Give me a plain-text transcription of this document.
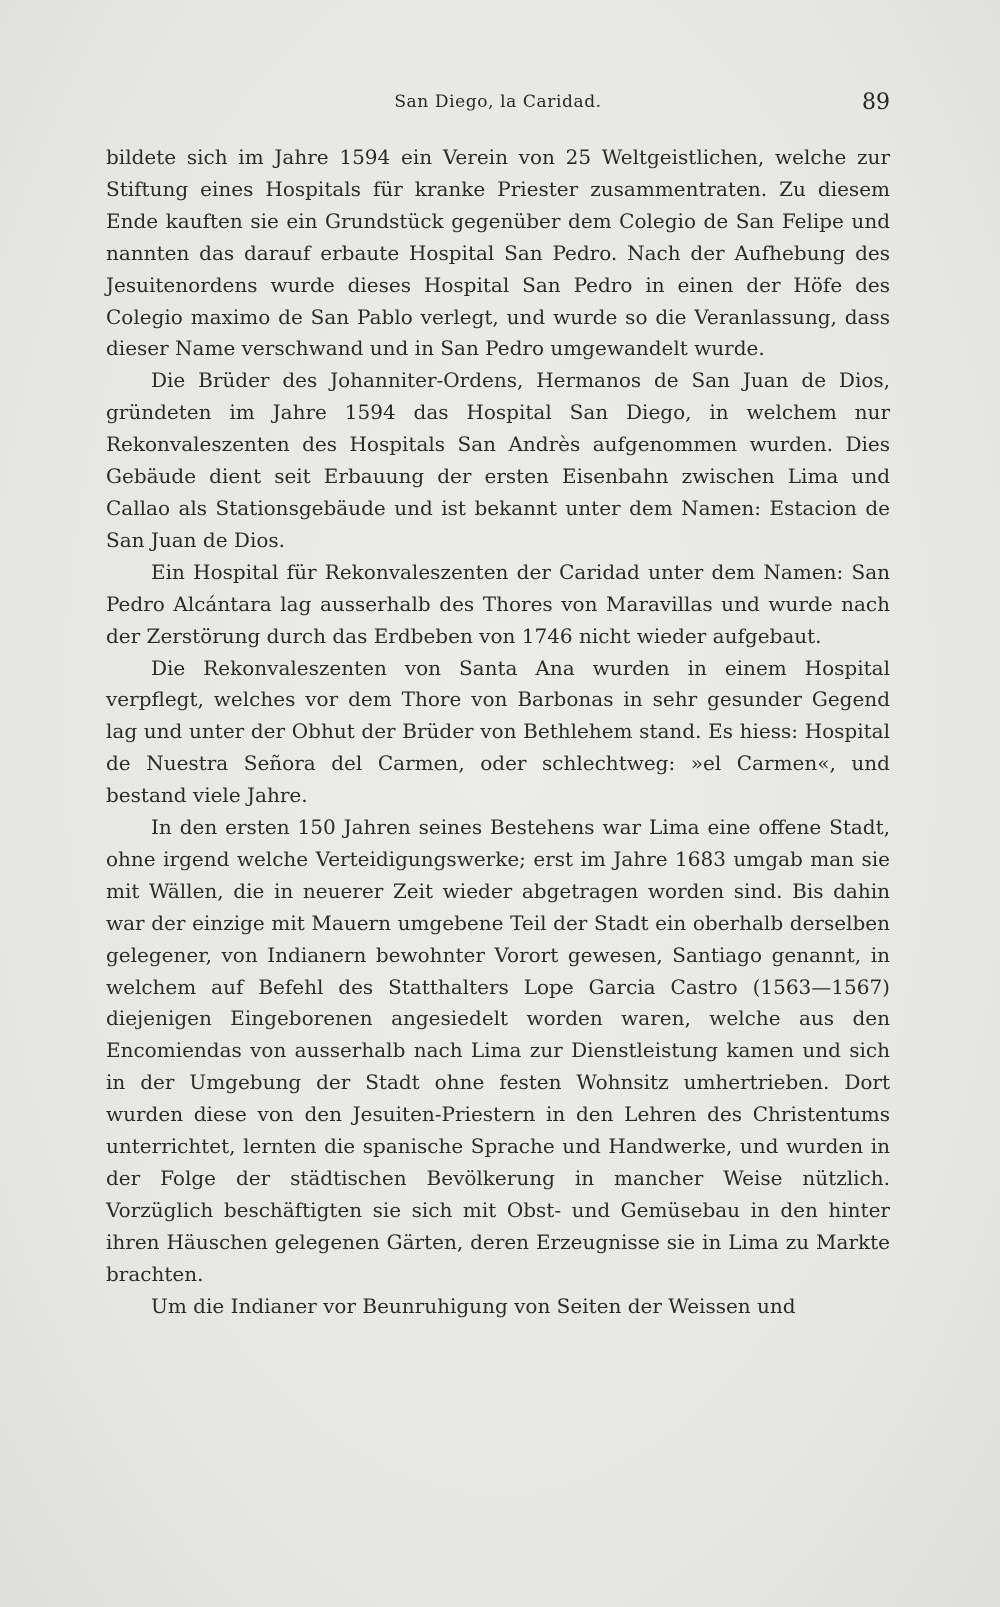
San Diego, la Caridad.	89

bildete sich im Jahre 1594 ein Verein von 25 Weltgeistlichen, welche zur Stiftung eines Hospitals für kranke Priester zusammentraten. Zu diesem Ende kauften sie ein Grundstück gegenüber dem Colegio de San Felipe und nannten das darauf erbaute Hospital San Pedro. Nach der Aufhebung des Jesuitenordens wurde dieses Hospital San Pedro in einen der Höfe des Colegio maximo de San Pablo verlegt, und wurde so die Veranlassung, dass dieser Name verschwand und in San Pedro umgewandelt wurde.

Die Brüder des Johanniter-Ordens, Hermanos de San Juan de Dios, gründeten im Jahre 1594 das Hospital San Diego, in welchem nur Rekonvaleszenten des Hospitals San Andrès aufgenommen wurden. Dies Gebäude dient seit Erbauung der ersten Eisenbahn zwischen Lima und Callao als Stationsgebäude und ist bekannt unter dem Namen: Estacion de San Juan de Dios.

Ein Hospital für Rekonvaleszenten der Caridad unter dem Namen: San Pedro Alcántara lag ausserhalb des Thores von Maravillas und wurde nach der Zerstörung durch das Erdbeben von 1746 nicht wieder aufgebaut.

Die Rekonvaleszenten von Santa Ana wurden in einem Hospital verpflegt, welches vor dem Thore von Barbonas in sehr gesunder Gegend lag und unter der Obhut der Brüder von Bethlehem stand. Es hiess: Hospital de Nuestra Señora del Carmen, oder schlechtweg: »el Carmen«, und bestand viele Jahre.

In den ersten 150 Jahren seines Bestehens war Lima eine offene Stadt, ohne irgend welche Verteidigungswerke; erst im Jahre 1683 umgab man sie mit Wällen, die in neuerer Zeit wieder abgetragen worden sind. Bis dahin war der einzige mit Mauern umgebene Teil der Stadt ein oberhalb derselben gelegener, von Indianern bewohnter Vorort gewesen, Santiago genannt, in welchem auf Befehl des Statthalters Lope Garcia Castro (1563—1567) diejenigen Eingeborenen angesiedelt worden waren, welche aus den Encomiendas von ausserhalb nach Lima zur Dienstleistung kamen und sich in der Umgebung der Stadt ohne festen Wohnsitz umhertrieben. Dort wurden diese von den Jesuiten-Priestern in den Lehren des Christentums unterrichtet, lernten die spanische Sprache und Handwerke, und wurden in der Folge der städtischen Bevölkerung in mancher Weise nützlich. Vorzüglich beschäftigten sie sich mit Obst- und Gemüsebau in den hinter ihren Häuschen gelegenen Gärten, deren Erzeugnisse sie in Lima zu Markte brachten.

Um die Indianer vor Beunruhigung von Seiten der Weissen und
